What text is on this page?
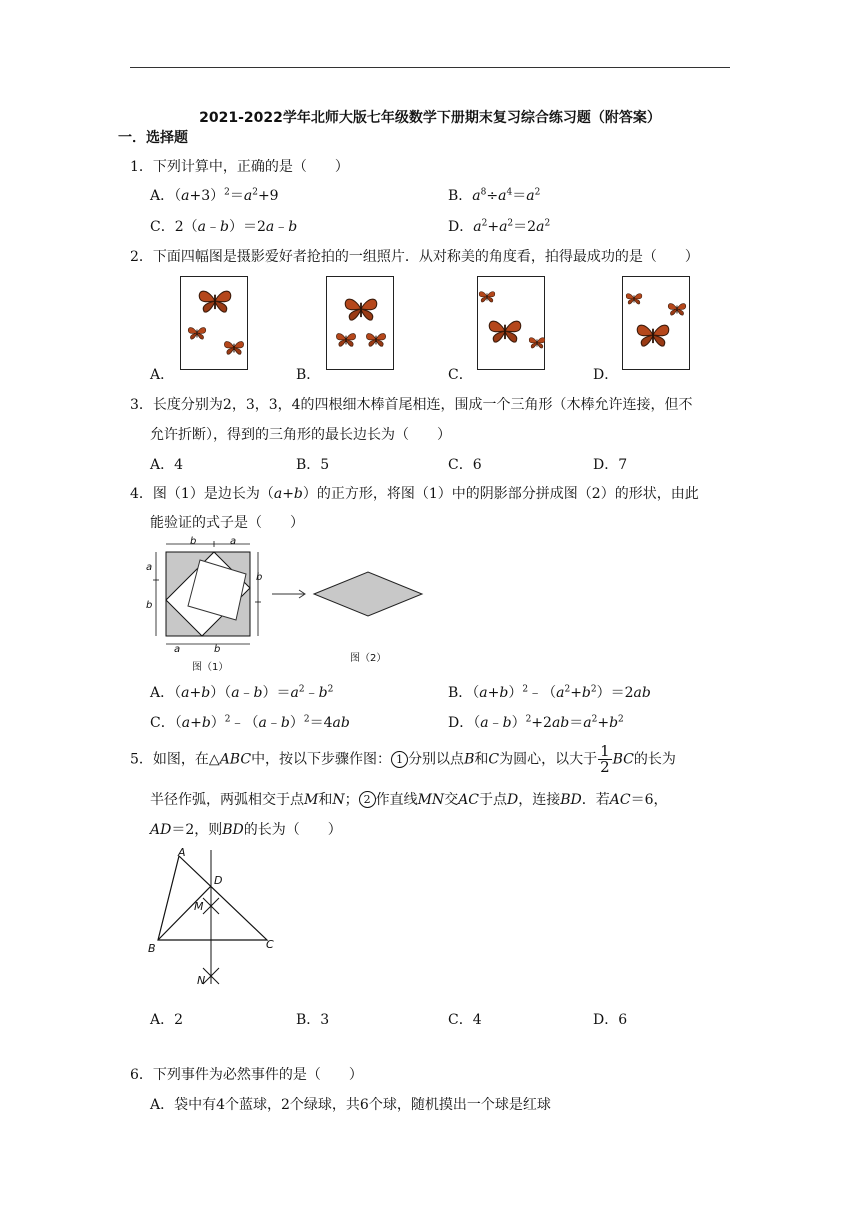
2021-2022学年北师大版七年级数学下册期末复习综合练习题（附答案）
一．选择题
1．下列计算中，正确的是（　　）
A．$(a+3)^2=a^2+9$	B．$a^8\div a^4=a^2$
C．2（a﹣b）＝2a﹣b	D．$a^2+a^2=2a^2$
2．下面四幅图是摄影爱好者抢拍的一组照片．从对称美的角度看，拍得最成功的是（　　）
A．	B．	C．	D．
3．长度分别为2，3，3，4的四根细木棒首尾相连，围成一个三角形（木棒允许连接，但不
允许折断），得到的三角形的最长边长为（　　）
A．4	B．5	C．6	D．7
4．图（1）是边长为（a+b）的正方形，将图（1）中的阴影部分拼成图（2）的形状，由此
能验证的式子是（　　）
b	a
a
b
b
a	b
图（1）
图（2）
A．$(a+b)(a﹣b)=a^2﹣b^2$	B．$(a+b)^2﹣(a^2+b^2)=2ab$
C．$(a+b)^2﹣(a﹣b)^2=4ab$	D．$(a﹣b)^2+2ab=a^2+b^2$
5．如图，在△ABC中，按以下步骤作图： 1 分别以点B和C为圆心，以大于 $\frac{1}{2}$ BC的长为
半径作弧，两弧相交于点M和N； 2 作直线MN交AC于点D，连接BD．若AC＝6，
AD＝2，则BD的长为（　　）
A
D
M
B	C
N
A．2	B．3	C．4	D．6
6．下列事件为必然事件的是（　　）
A．袋中有4个蓝球，2个绿球，共6个球，随机摸出一个球是红球
